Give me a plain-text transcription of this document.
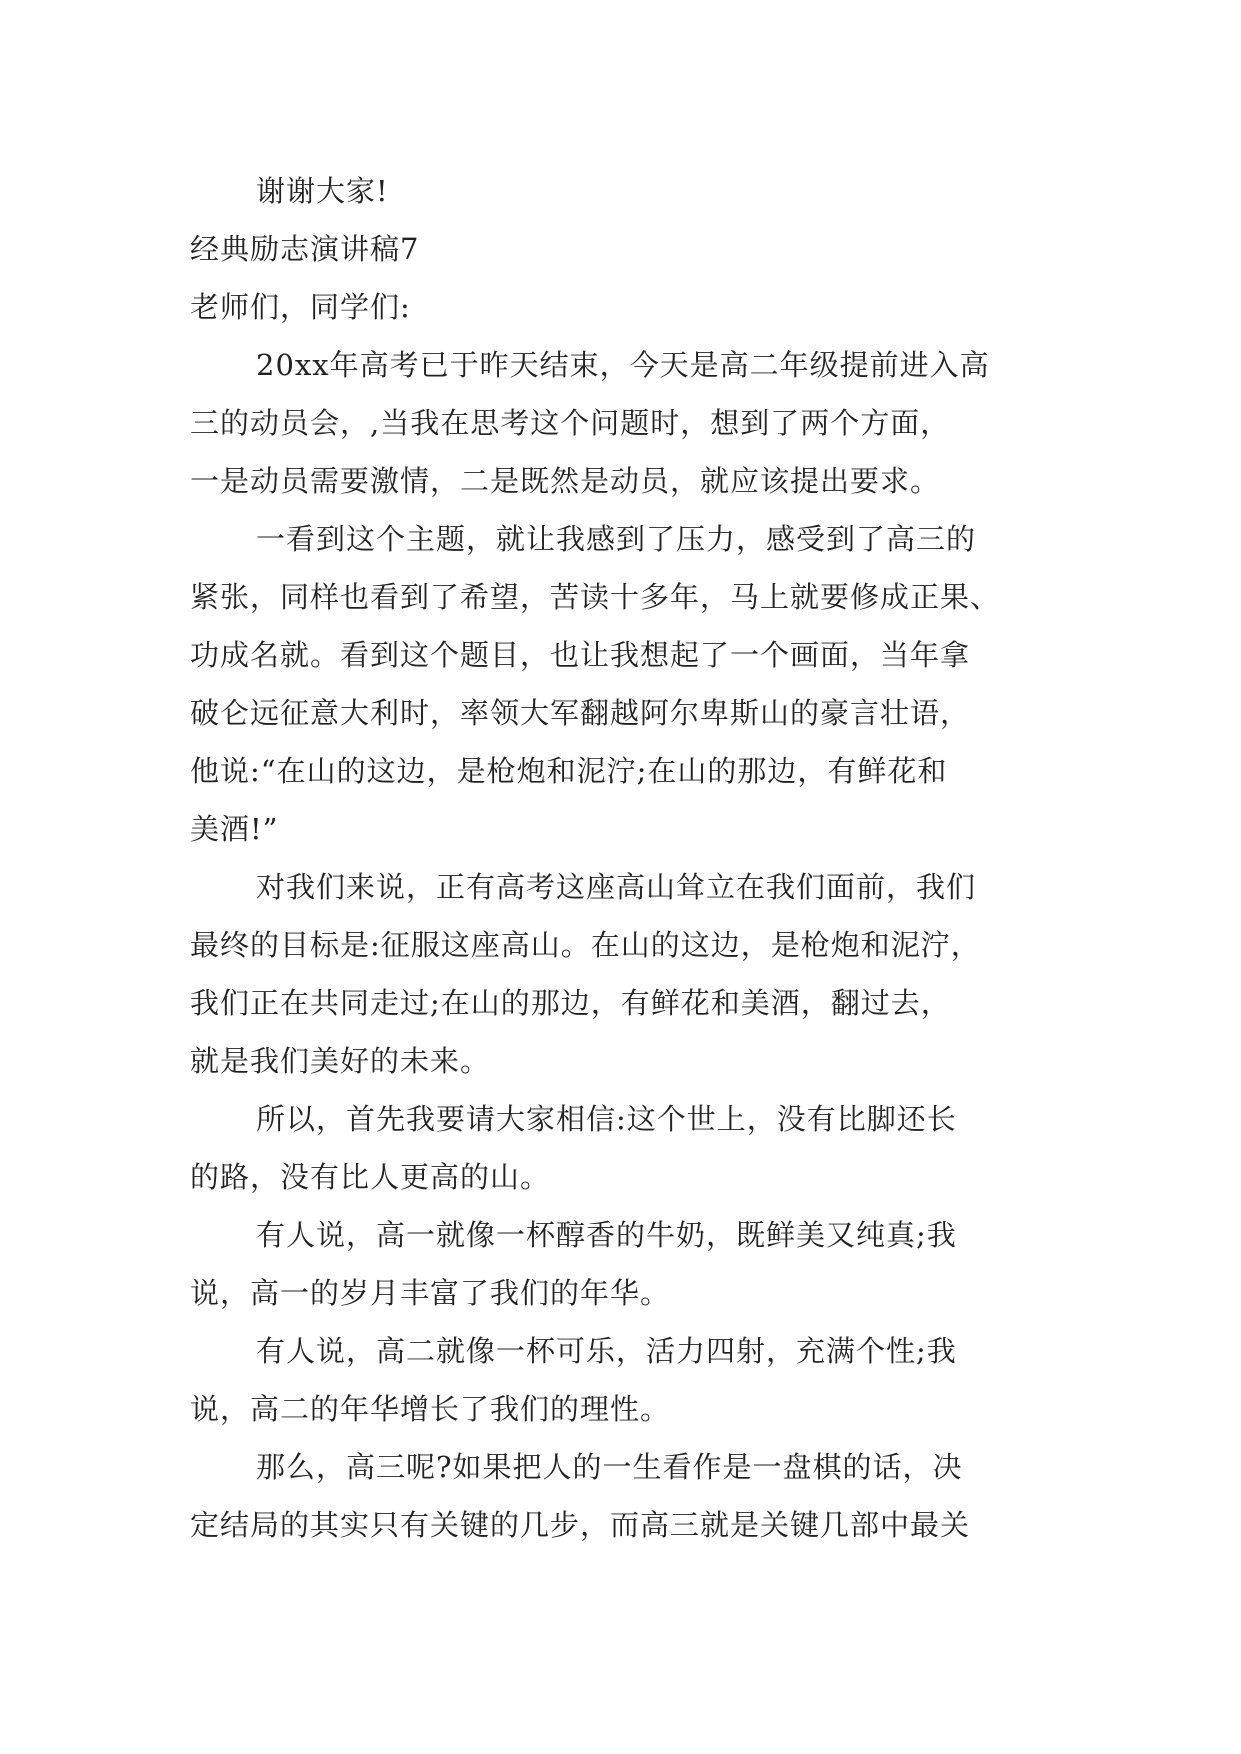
谢谢大家!
经典励志演讲稿7
老师们，同学们:
20xx年高考已于昨天结束，今天是高二年级提前进入高
三的动员会，,当我在思考这个问题时，想到了两个方面，
一是动员需要激情，二是既然是动员，就应该提出要求。
一看到这个主题，就让我感到了压力，感受到了高三的
紧张，同样也看到了希望，苦读十多年，马上就要修成正果、
功成名就。看到这个题目，也让我想起了一个画面，当年拿
破仑远征意大利时，率领大军翻越阿尔卑斯山的豪言壮语，
他说:“在山的这边，是枪炮和泥泞;在山的那边，有鲜花和
美酒!”
对我们来说，正有高考这座高山耸立在我们面前，我们
最终的目标是:征服这座高山。在山的这边，是枪炮和泥泞，
我们正在共同走过;在山的那边，有鲜花和美酒，翻过去，
就是我们美好的未来。
所以，首先我要请大家相信:这个世上，没有比脚还长
的路，没有比人更高的山。
有人说，高一就像一杯醇香的牛奶，既鲜美又纯真;我
说，高一的岁月丰富了我们的年华。
有人说，高二就像一杯可乐，活力四射，充满个性;我
说，高二的年华增长了我们的理性。
那么，高三呢?如果把人的一生看作是一盘棋的话，决
定结局的其实只有关键的几步，而高三就是关键几部中最关
